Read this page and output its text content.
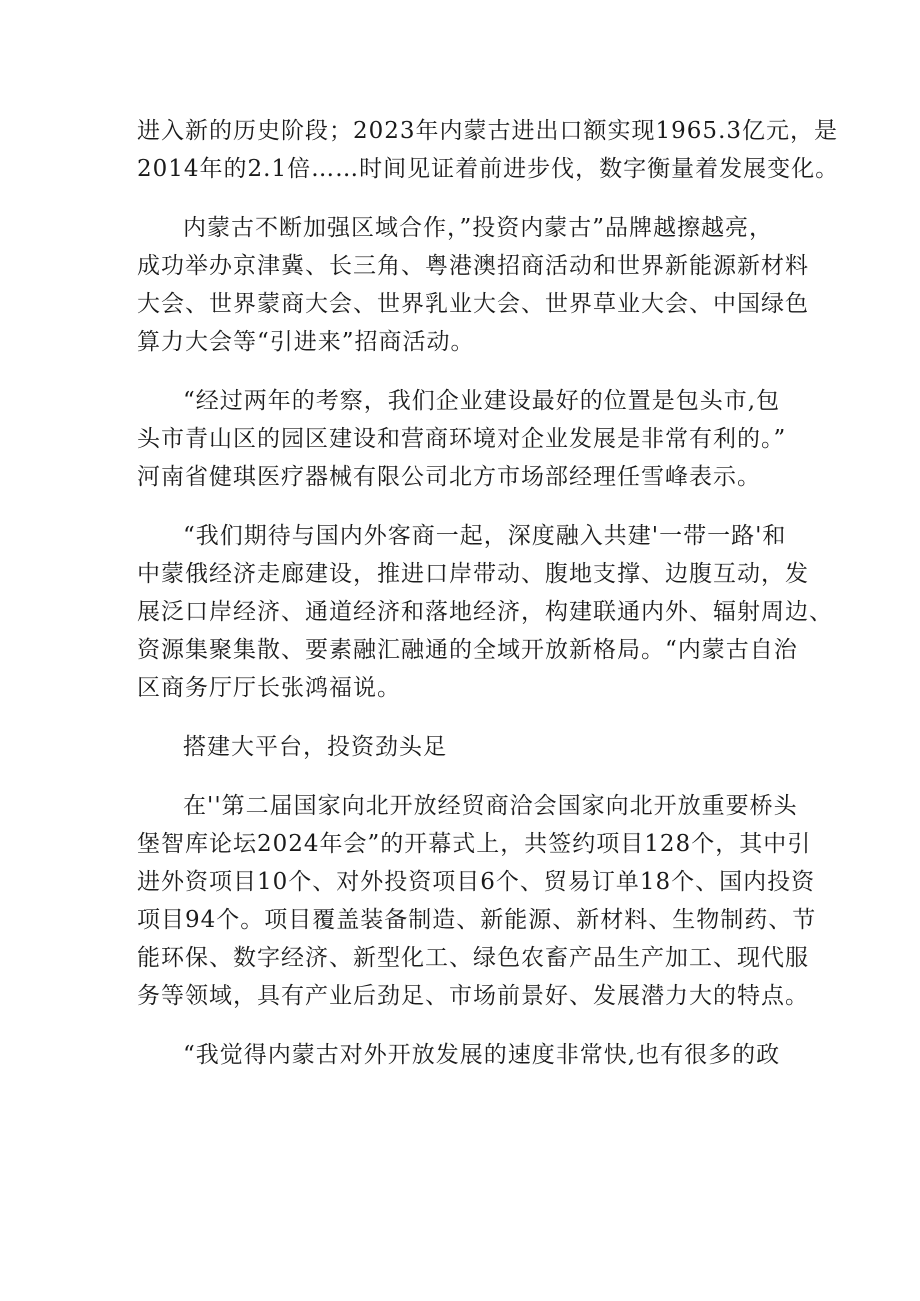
进入新的历史阶段；2023年内蒙古进出口额实现1965.3亿元，是
2014年的2.1倍……时间见证着前进步伐，数字衡量着发展变化。
内蒙古不断加强区域合作，”投资内蒙古”品牌越擦越亮，
成功举办京津冀、长三角、粤港澳招商活动和世界新能源新材料
大会、世界蒙商大会、世界乳业大会、世界草业大会、中国绿色
算力大会等“引进来”招商活动。
“经过两年的考察，我们企业建设最好的位置是包头市,包
头市青山区的园区建设和营商环境对企业发展是非常有利的。”
河南省健琪医疗器械有限公司北方市场部经理任雪峰表示。
“我们期待与国内外客商一起，深度融入共建'一带一路'和
中蒙俄经济走廊建设，推进口岸带动、腹地支撑、边腹互动，发
展泛口岸经济、通道经济和落地经济，构建联通内外、辐射周边、
资源集聚集散、要素融汇融通的全域开放新格局。“内蒙古自治
区商务厅厅长张鸿福说。
搭建大平台，投资劲头足
在''第二届国家向北开放经贸商洽会国家向北开放重要桥头
堡智库论坛2024年会”的开幕式上，共签约项目128个，其中引
进外资项目10个、对外投资项目6个、贸易订单18个、国内投资
项目94个。项目覆盖装备制造、新能源、新材料、生物制药、节
能环保、数字经济、新型化工、绿色农畜产品生产加工、现代服
务等领域，具有产业后劲足、市场前景好、发展潜力大的特点。
“我觉得内蒙古对外开放发展的速度非常快,也有很多的政
